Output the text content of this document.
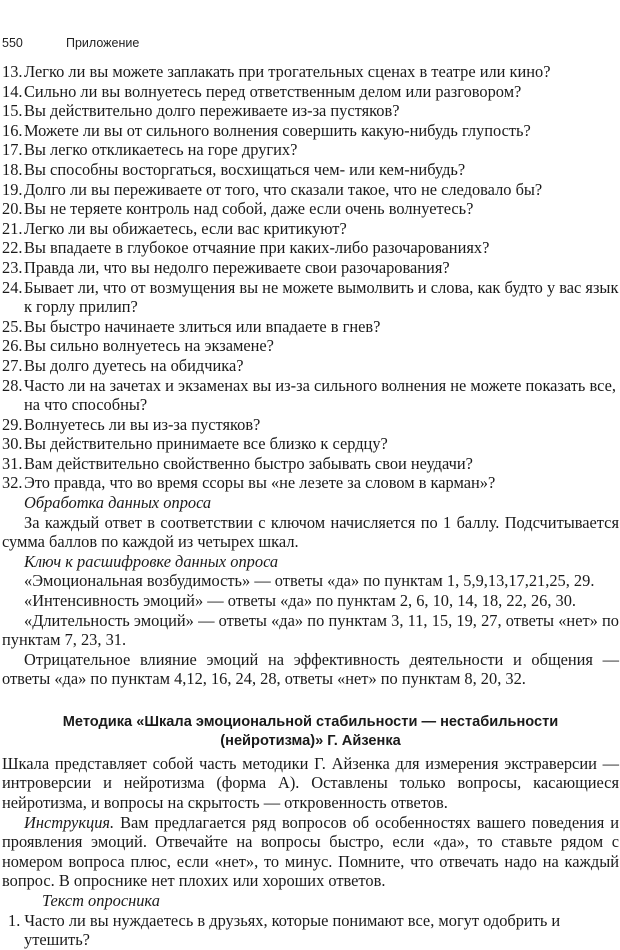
550	Приложение
13.Легко ли вы можете заплакать при трогательных сценах в театре или кино?
14.Сильно ли вы волнуетесь перед ответственным делом или разговором?
15.Вы действительно долго переживаете из-за пустяков?
16.Можете ли вы от сильного волнения совершить какую-нибудь глупость?
17.Вы легко откликаетесь на горе других?
18.Вы способны восторгаться, восхищаться чем- или кем-нибудь?
19.Долго ли вы переживаете от того, что сказали такое, что не следовало бы?
20.Вы не теряете контроль над собой, даже если очень волнуетесь?
21.Легко ли вы обижаетесь, если вас критикуют?
22.Вы впадаете в глубокое отчаяние при каких-либо разочарованиях?
23.Правда ли, что вы недолго переживаете свои разочарования?
24.Бывает ли, что от возмущения вы не можете вымолвить и слова, как будто у вас язык к горлу прилип?
25.Вы быстро начинаете злиться или впадаете в гнев?
26.Вы сильно волнуетесь на экзамене?
27.Вы долго дуетесь на обидчика?
28.Часто ли на зачетах и экзаменах вы из-за сильного волнения не можете показать все, на что способны?
29.Волнуетесь ли вы из-за пустяков?
30.Вы действительно принимаете все близко к сердцу?
31.Вам действительно свойственно быстро забывать свои неудачи?
32.Это правда, что во время ссоры вы «не лезете за словом в карман»?
Обработка данных опроса
За каждый ответ в соответствии с ключом начисляется по 1 баллу. Подсчитывается сумма баллов по каждой из четырех шкал.
Ключ к расшифровке данных опроса
«Эмоциональная возбудимость» — ответы «да» по пунктам 1, 5,9,13,17,21,25, 29.
«Интенсивность эмоций» — ответы «да» по пунктам 2, 6, 10, 14, 18, 22, 26, 30.
«Длительность эмоций» — ответы «да» по пунктам 3, 11, 15, 19, 27, ответы «нет» по пунктам 7, 23, 31.
Отрицательное влияние эмоций на эффективность деятельности и общения — ответы «да» по пунктам 4,12, 16, 24, 28, ответы «нет» по пунктам 8, 20, 32.
Методика «Шкала эмоциональной стабильности — нестабильности
(нейротизма)» Г. Айзенка
Шкала представляет собой часть методики Г. Айзенка для измерения экстраверсии — интроверсии и нейротизма (форма А). Оставлены только вопросы, касающиеся нейротизма, и вопросы на скрытость — откровенность ответов.
Инструкция. Вам предлагается ряд вопросов об особенностях вашего поведения и проявления эмоций. Отвечайте на вопросы быстро, если «да», то ставьте рядом с номером вопроса плюс, если «нет», то минус. Помните, что отвечать надо на каждый вопрос. В опроснике нет плохих или хороших ответов.
Текст опросника
1. Часто ли вы нуждаетесь в друзьях, которые понимают все, могут одобрить и утешить?
